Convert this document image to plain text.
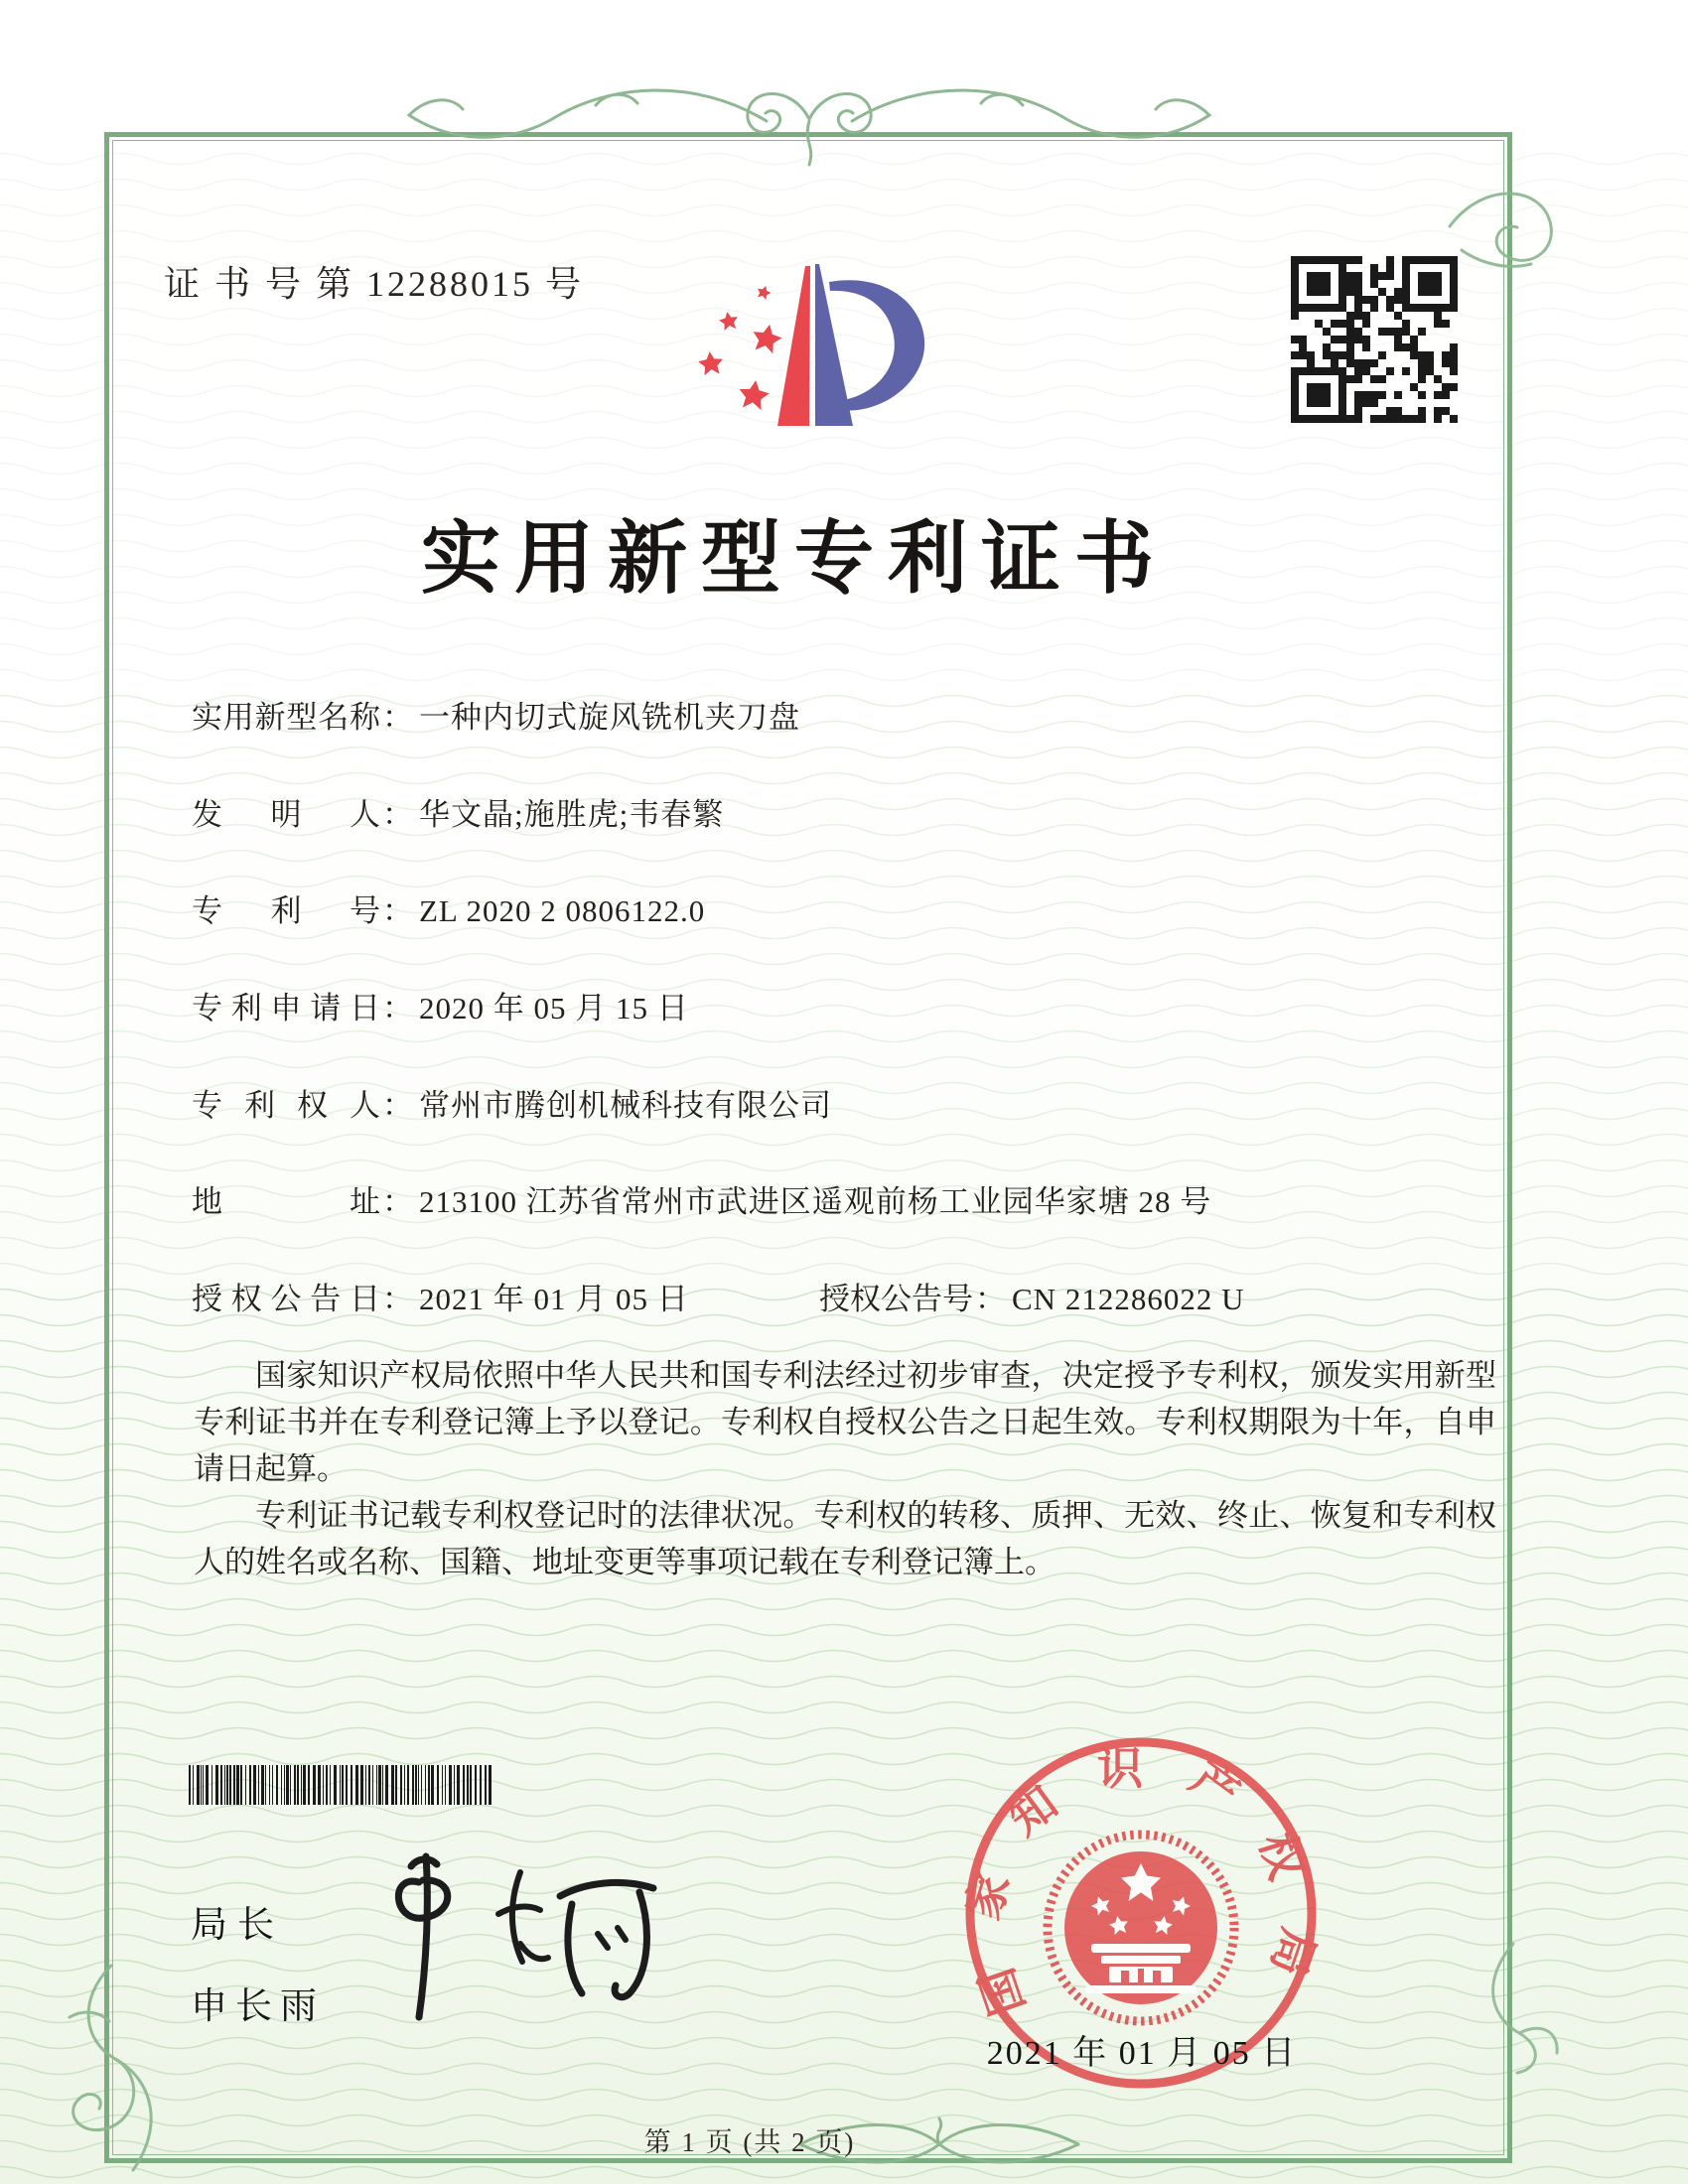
证 书 号 第 12288015 号
实用新型专利证书
实用新型名称： 一种内切式旋风铣机夹刀盘
发明人： 华文晶;施胜虎;韦春繁
专利号： ZL 2020 2 0806122.0
专利申请日： 2020 年 05 月 15 日
专利权人： 常州市腾创机械科技有限公司
地址： 213100 江苏省常州市武进区遥观前杨工业园华家塘 28 号
授权公告日： 2021 年 01 月 05 日	授权公告号： CN 212286022 U

国家知识产权局依照中华人民共和国专利法经过初步审查，决定授予专利权，颁发实用新型专利证书并在专利登记簿上予以登记。专利权自授权公告之日起生效。专利权期限为十年，自申请日起算。

专利证书记载专利权登记时的法律状况。专利权的转移、质押、无效、终止、恢复和专利权人的姓名或名称、国籍、地址变更等事项记载在专利登记簿上。

局长
申长雨	国家知识产权局
2021 年 01 月 05 日
第 1 页 (共 2 页)
